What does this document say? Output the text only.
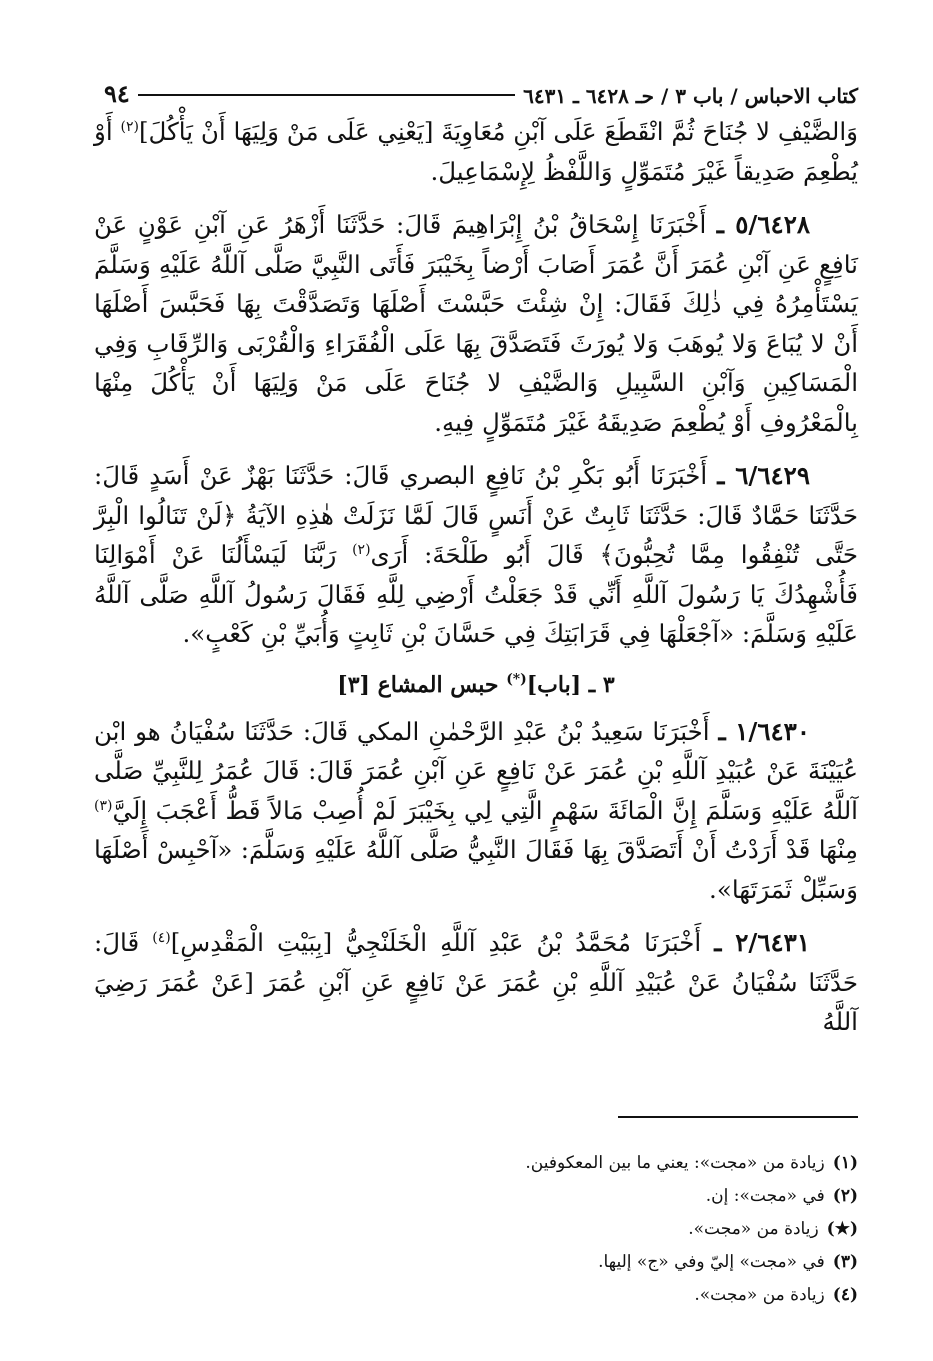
٩٤	كتاب الاحباس / باب ٣ / حـ ٦٤٢٨ ـ ٦٤٣١

وَالضَّيْفِ لا جُنَاحَ ثُمَّ انْقَطَعَ عَلَى آبْنِ مُعَاوِيَةَ [يَعْنِي عَلَى مَنْ وَلِيَهَا أَنْ يَأْكُلَ]$^{(٢)}$ أَوْ يُطْعِمَ صَدِيقاً غَيْرَ مُتَمَوِّلٍ وَاللَّفْظُ لِإِسْمَاعِيلَ.

٥/٦٤٢٨ ـ أَخْبَرَنَا إِسْحَاقُ بْنُ إِبْرَاهِيمَ قَالَ: حَدَّثَنَا أَزْهَرُ عَنِ آبْنِ عَوْنٍ عَنْ نَافِعٍ عَنِ آبْنِ عُمَرَ أَنَّ عُمَرَ أَصَابَ أَرْضاً بِخَيْبَرَ فَأَتَى النَّبِيَّ صَلَّى آللَّهُ عَلَيْهِ وَسَلَّمَ يَسْتَأْمِرُهُ فِي ذٰلِكَ فَقَالَ: إِنْ شِئْتَ حَبَّسْتَ أَصْلَهَا وَتَصَدَّقْتَ بِهَا فَحَبَّسَ أَصْلَهَا أَنْ لا يُبَاعَ وَلا يُوهَبَ وَلا يُورَثَ فَتَصَدَّقَ بِهَا عَلَى الْفُقَرَاءِ وَالْقُرْبَى وَالرِّقَابِ وَفِي الْمَسَاكِينِ وَآبْنِ السَّبِيلِ وَالضَّيْفِ لا جُنَاحَ عَلَى مَنْ وَلِيَهَا أَنْ يَأْكُلَ مِنْهَا بِالْمَعْرُوفِ أَوْ يُطْعِمَ صَدِيقَهُ غَيْرَ مُتَمَوِّلٍ فِيهِ.

٦/٦٤٢٩ ـ أَخْبَرَنَا أَبُو بَكْرِ بْنُ نَافِعٍ البصري قَالَ: حَدَّثَنَا بَهْزٌ عَنْ أَسَدٍ قَالَ: حَدَّثَنَا حَمَّادٌ قَالَ: حَدَّثَنَا ثَابِتٌ عَنْ أَنَسٍ قَالَ لَمَّا نَزَلَتْ هٰذِهِ الآيَةُ ﴿لَنْ تَنَالُوا الْبِرَّ حَتَّى تُنْفِقُوا مِمَّا تُحِبُّونَ﴾ قَالَ أَبُو طَلْحَةَ: أَرَى$^{(٢)}$ رَبَّنَا لَيَسْأَلُنَا عَنْ أَمْوَالِنَا فَأُشْهِدُكَ يَا رَسُولَ آللَّهِ أَنِّي قَدْ جَعَلْتُ أَرْضِي لِلَّهِ فَقَالَ رَسُولُ آللَّهِ صَلَّى آللَّهُ عَلَيْهِ وَسَلَّمَ: «آجْعَلْهَا فِي قَرَابَتِكَ فِي حَسَّانَ بْنِ ثَابِتٍ وَأُبَيِّ بْنِ كَعْبٍ».

٣ ـ [باب](*) حبس المشاع [٣]

١/٦٤٣٠ ـ أَخْبَرَنَا سَعِيدُ بْنُ عَبْدِ الرَّحْمٰنِ المكي قَالَ: حَدَّثَنَا سُفْيَانُ هو ابْن عُيَيْنَةَ عَنْ عُبَيْدِ آللَّهِ بْنِ عُمَرَ عَنْ نَافِعٍ عَنِ آبْنِ عُمَرَ قَالَ: قَالَ عُمَرُ لِلنَّبِيِّ صَلَّى آللَّهُ عَلَيْهِ وَسَلَّمَ إِنَّ الْمَائَةَ سَهْمٍ الَّتِي لِي بِخَيْبَرَ لَمْ أُصِبْ مَالاً قَطُّ أَعْجَبَ إِلَيَّ$^{(٣)}$ مِنْهَا قَدْ أَرَدْتُ أَنْ أَتَصَدَّقَ بِهَا فَقَالَ النَّبِيُّ صَلَّى آللَّهُ عَلَيْهِ وَسَلَّمَ: «آحْبِسْ أَصْلَهَا وَسَبِّلْ ثَمَرَتَهَا».

٢/٦٤٣١ ـ أَخْبَرَنَا مُحَمَّدُ بْنُ عَبْدِ آللَّهِ الْخَلَنْجِيُّ [بِبَيْتِ الْمَقْدِسِ]$^{(٤)}$ قَالَ: حَدَّثَنَا سُفْيَانُ عَنْ عُبَيْدِ آللَّهِ بْنِ عُمَرَ عَنْ نَافِعٍ عَنِ آبْنِ عُمَرَ [عَنْ عُمَرَ رَضِيَ آللَّهُ

(١)
زيادة من «مجت»: يعني ما بين المعكوفين.
(٢)
في «مجت»: إن.
(★)
زيادة من «مجت».
(٣)
في «مجت» إليّ وفي «ج» إليها.
(٤)
زيادة من «مجت».
